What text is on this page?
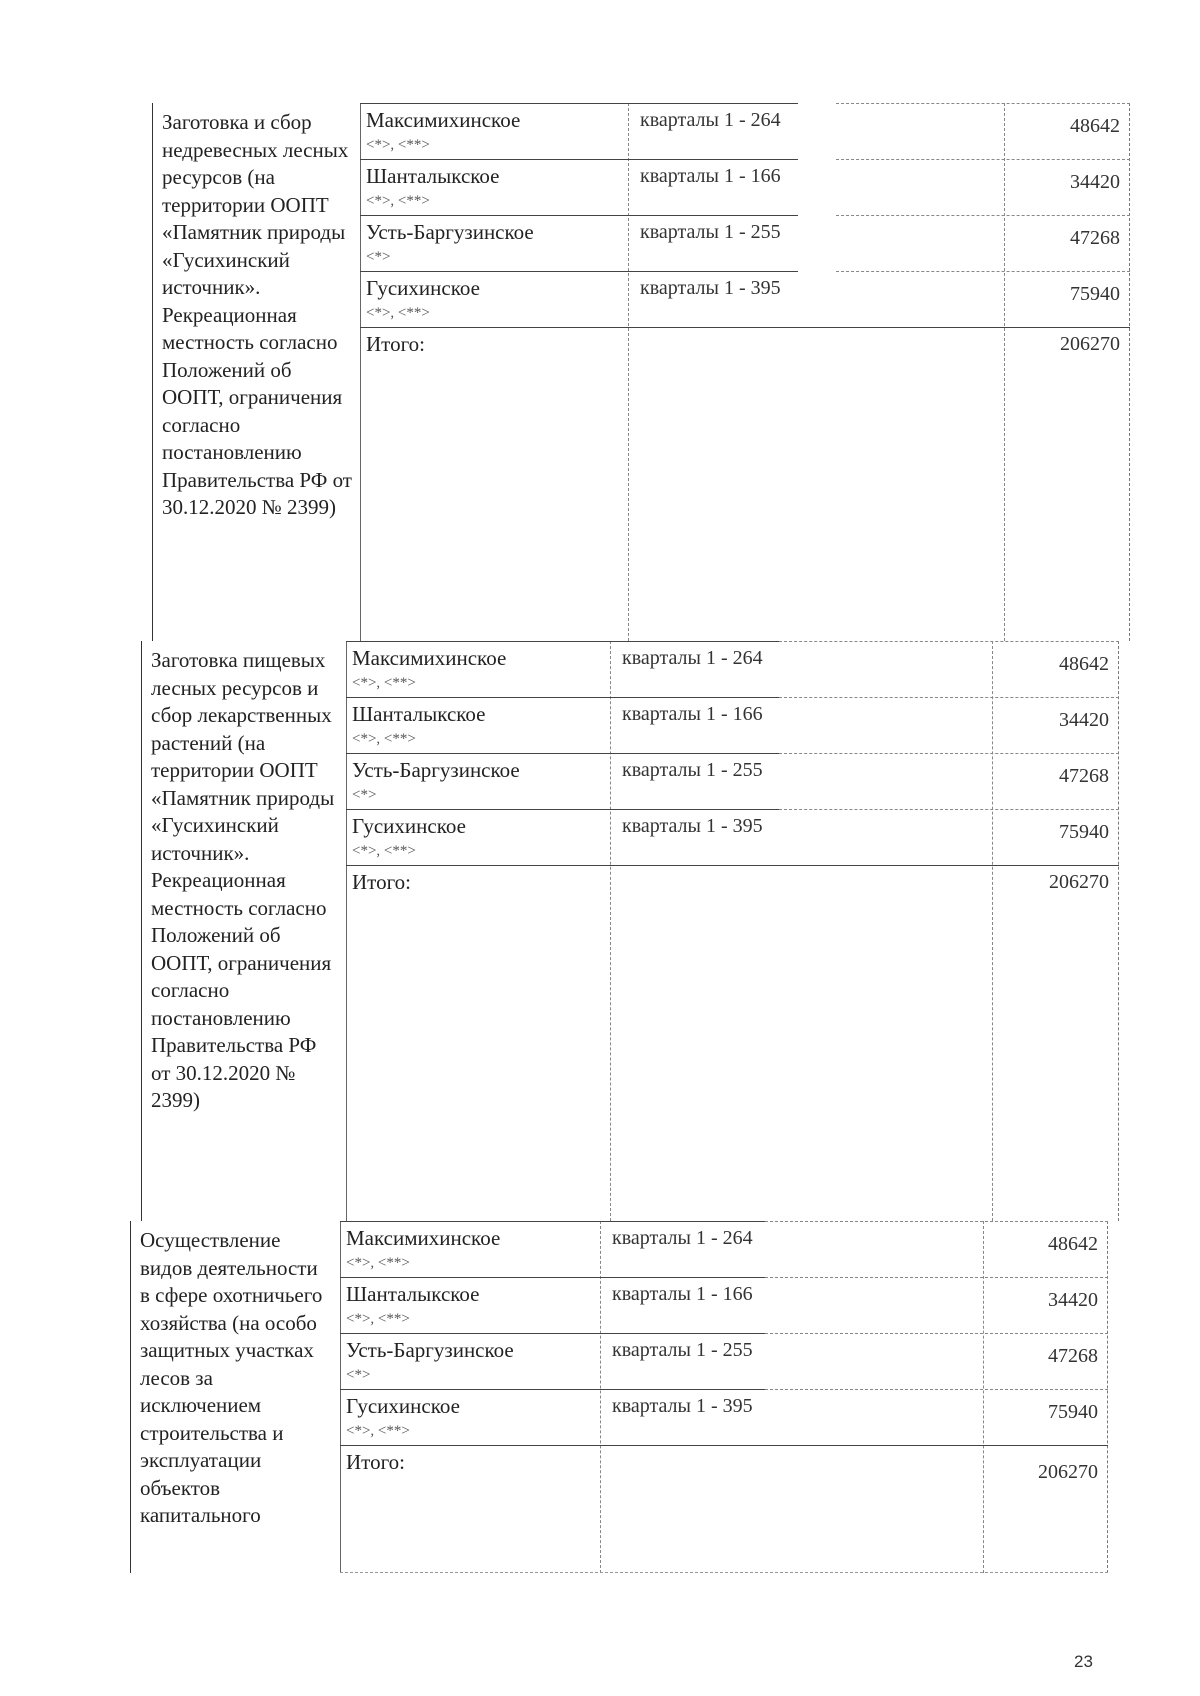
Заготовка и сбор недревесных лесных ресурсов (на территории ООПТ «Памятник природы «Гусихинский источник». Рекреационная местность согласно Положений об ООПТ, ограничения согласно постановлению Правительства РФ от 30.12.2020 № 2399)
Максимихинское
<*>, <**>
кварталы 1 - 264	48642
Шанталыкское
<*>, <**>
кварталы 1 - 166	34420
Усть-Баргузинское
<*>
кварталы 1 - 255	47268
Гусихинское
<*>, <**>
кварталы 1 - 395	75940
Итого:	206270
Заготовка пищевых лесных ресурсов и сбор лекарственных растений (на территории ООПТ «Памятник природы «Гусихинский источник». Рекреационная местность согласно Положений об ООПТ, ограничения согласно постановлению Правительства РФ от 30.12.2020 № 2399)
Максимихинское
<*>, <**>
кварталы 1 - 264	48642
Шанталыкское
<*>, <**>
кварталы 1 - 166	34420
Усть-Баргузинское
<*>
кварталы 1 - 255	47268
Гусихинское
<*>, <**>
кварталы 1 - 395	75940
Итого:	206270
Осуществление видов деятельности в сфере охотничьего хозяйства (на особо защитных участках лесов за исключением строительства и эксплуатации объектов капитального
Максимихинское
<*>, <**>
кварталы 1 - 264	48642
Шанталыкское
<*>, <**>
кварталы 1 - 166	34420
Усть-Баргузинское
<*>
кварталы 1 - 255	47268
Гусихинское
<*>, <**>
кварталы 1 - 395	75940
Итого:	206270
23
